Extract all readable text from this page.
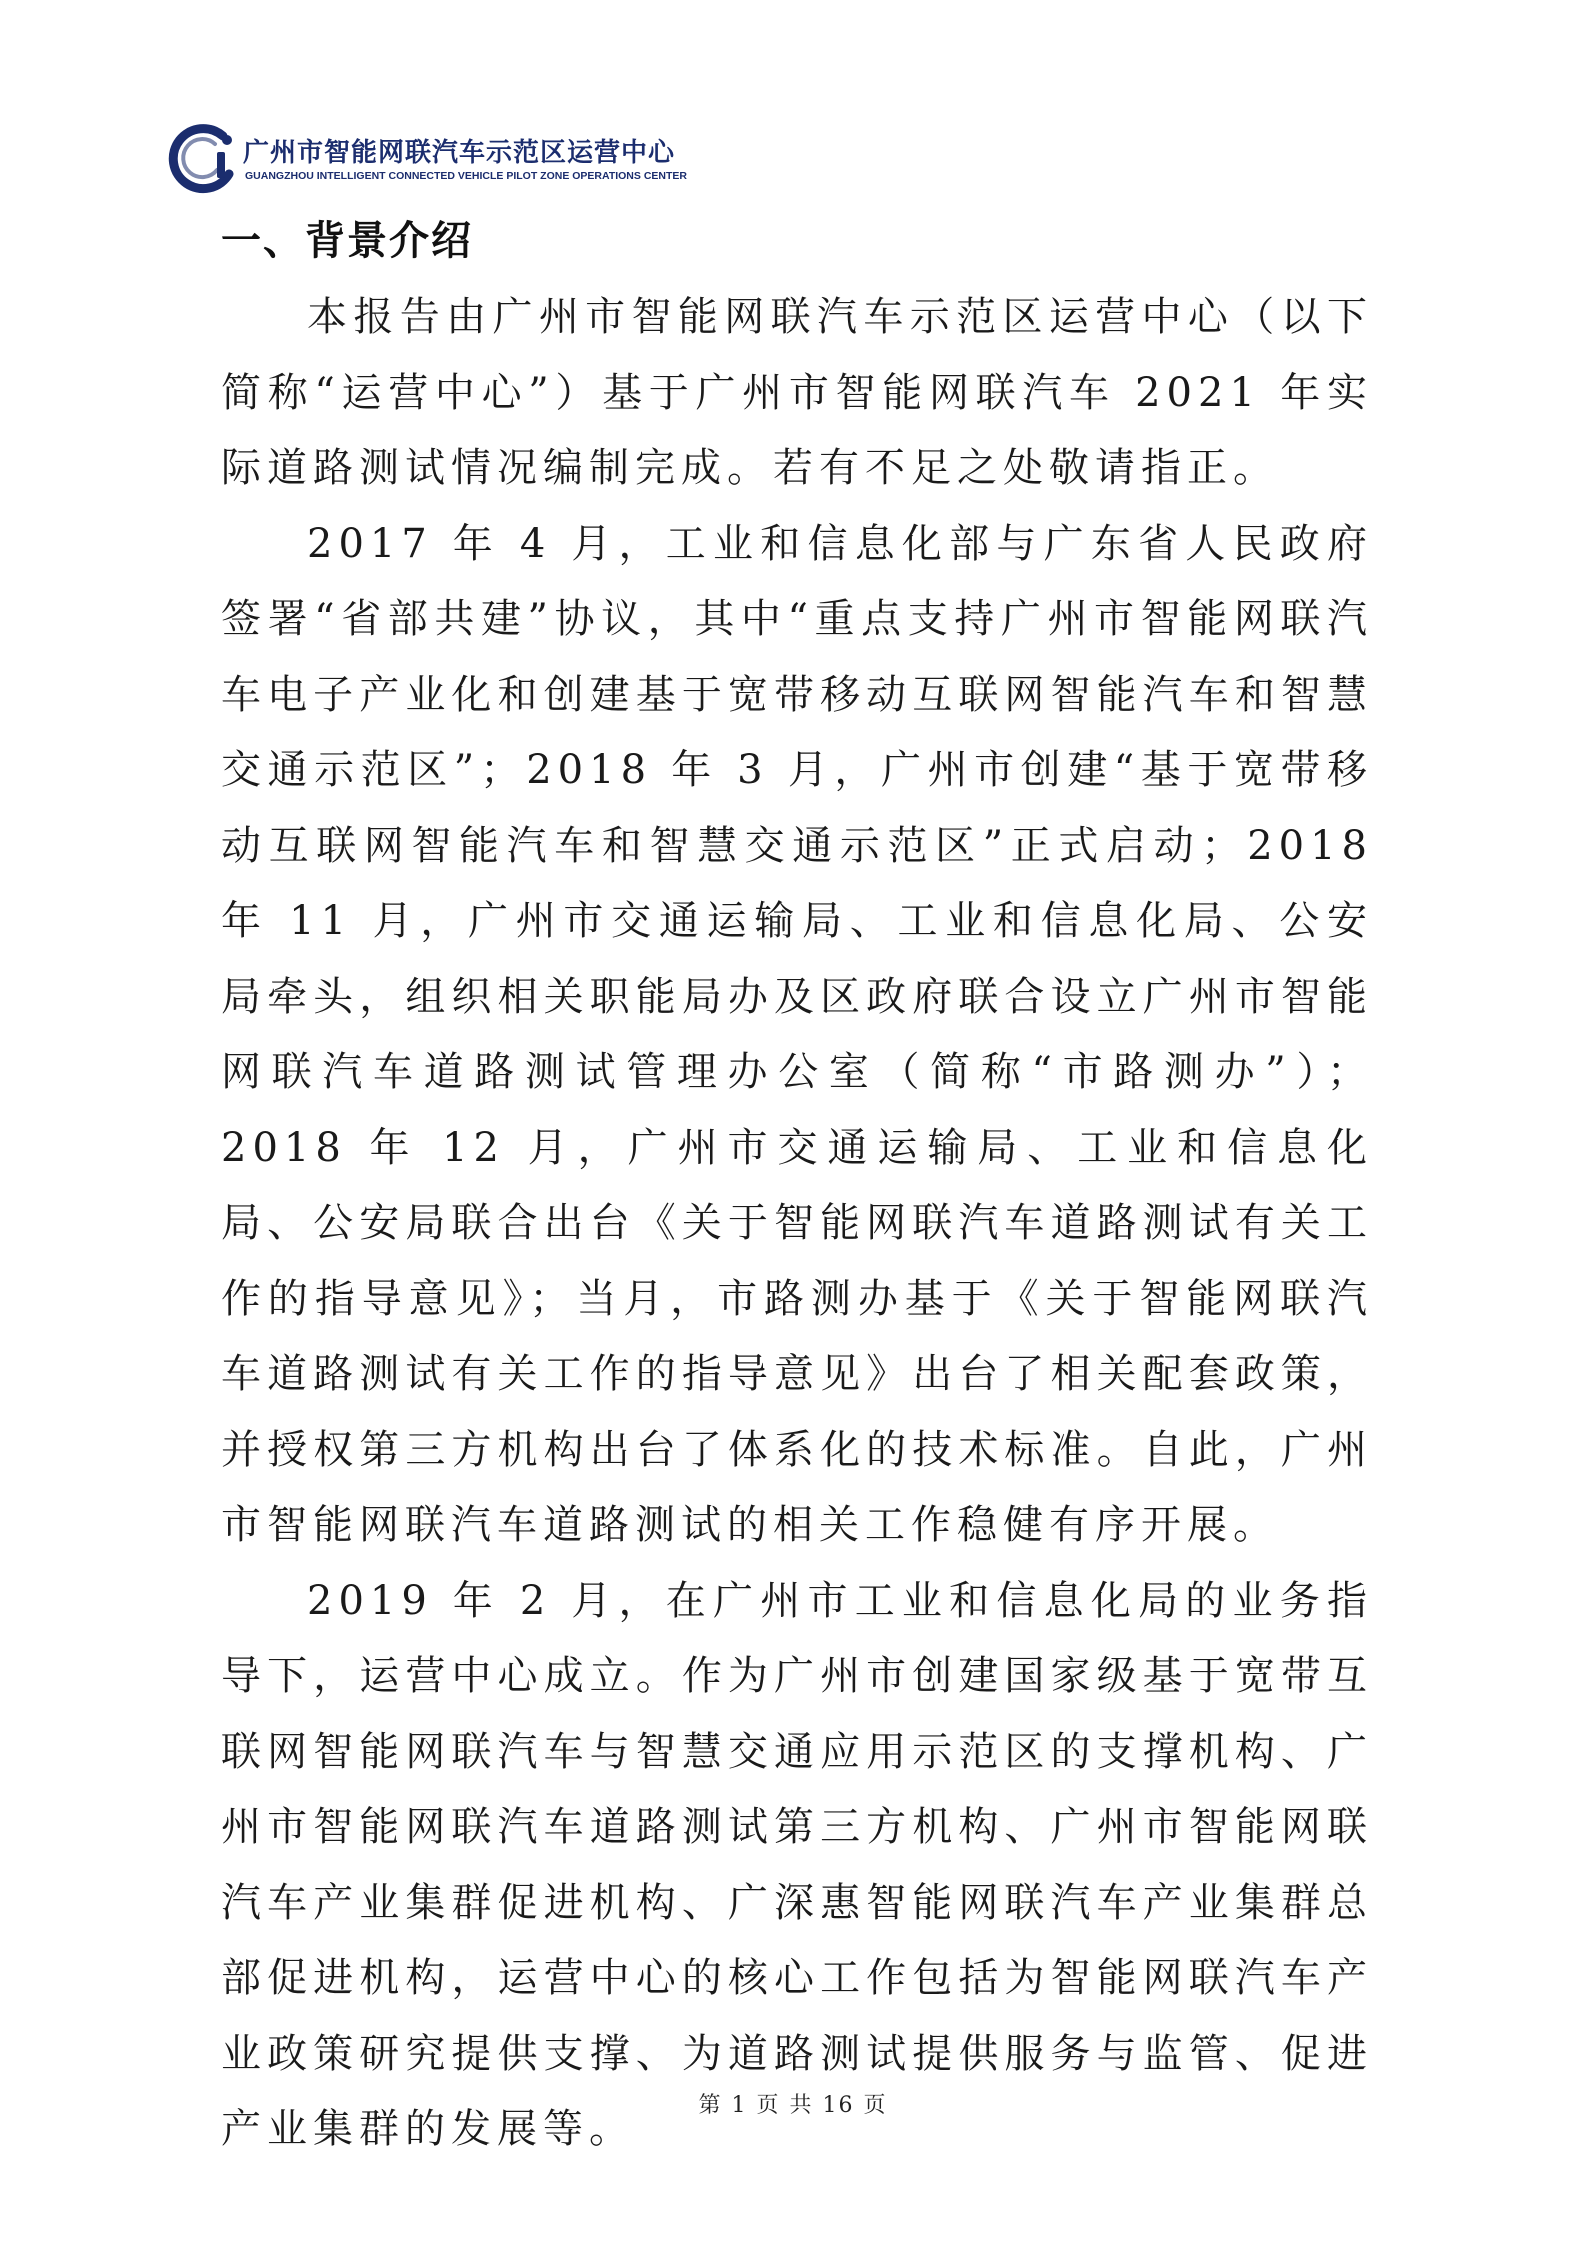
广州市智能网联汽车示范区运营中心
GUANGZHOU INTELLIGENT CONNECTED VEHICLE PILOT ZONE OPERATIONS CENTER
一、背景介绍

本报告由广州市智能网联汽车示范区运营中心（以下简称“运营中心”）基于广州市智能网联汽车 2021 年实际道路测试情况编制完成。若有不足之处敬请指正。

2017 年 4 月，工业和信息化部与广东省人民政府签署“省部共建”协议，其中“重点支持广州市智能网联汽车电子产业化和创建基于宽带移动互联网智能汽车和智慧交通示范区”；2018 年 3 月，广州市创建“基于宽带移动互联网智能汽车和智慧交通示范区”正式启动；2018 年 11 月，广州市交通运输局、工业和信息化局、公安局牵头，组织相关职能局办及区政府联合设立广州市智能网联汽车道路测试管理办公室（简称“市路测办”）；2018 年 12 月，广州市交通运输局、工业和信息化局、公安局联合出台《关于智能网联汽车道路测试有关工作的指导意见》；当月，市路测办基于《关于智能网联汽车道路测试有关工作的指导意见》出台了相关配套政策，并授权第三方机构出台了体系化的技术标准。自此，广州市智能网联汽车道路测试的相关工作稳健有序开展。

2019 年 2 月，在广州市工业和信息化局的业务指导下，运营中心成立。作为广州市创建国家级基于宽带互联网智能网联汽车与智慧交通应用示范区的支撑机构、广州市智能网联汽车道路测试第三方机构、广州市智能网联汽车产业集群促进机构、广深惠智能网联汽车产业集群总部促进机构，运营中心的核心工作包括为智能网联汽车产业政策研究提供支撑、为道路测试提供服务与监管、促进产业集群的发展等。

第 1 页 共 16 页
